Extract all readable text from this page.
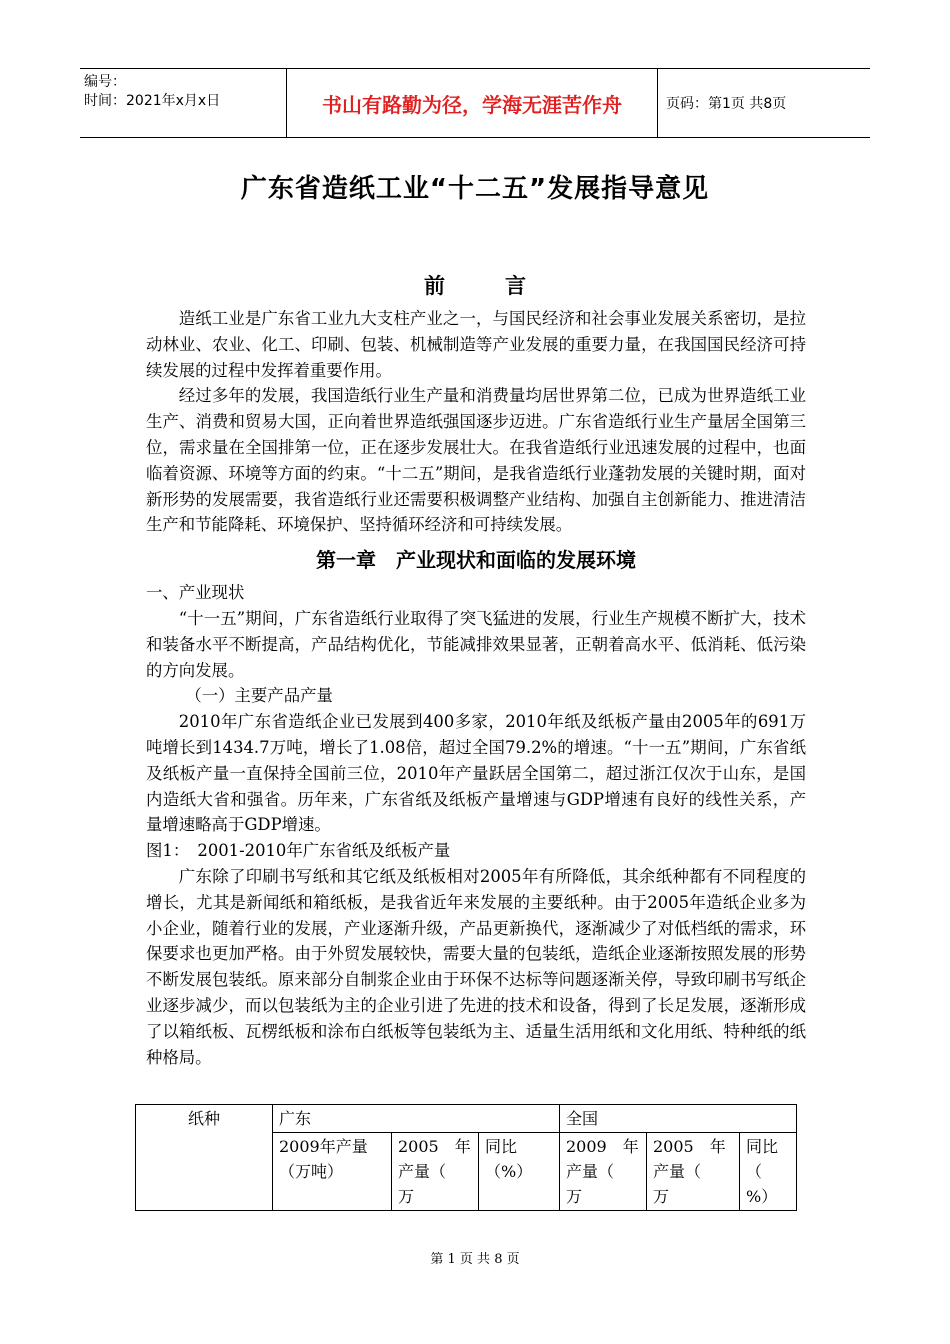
编号：
时间：2021年x月x日	书山有路勤为径，学海无涯苦作舟	页码：第1页 共8页
广东省造纸工业“十二五”发展指导意见
前言

造纸工业是广东省工业九大支柱产业之一，与国民经济和社会事业发展关系密切，是拉动林业、农业、化工、印刷、包装、机械制造等产业发展的重要力量，在我国国民经济可持续发展的过程中发挥着重要作用。

经过多年的发展，我国造纸行业生产量和消费量均居世界第二位，已成为世界造纸工业生产、消费和贸易大国，正向着世界造纸强国逐步迈进。广东省造纸行业生产量居全国第三位，需求量在全国排第一位，正在逐步发展壮大。在我省造纸行业迅速发展的过程中，也面临着资源、环境等方面的约束。“十二五”期间，是我省造纸行业蓬勃发展的关键时期，面对新形势的发展需要，我省造纸行业还需要积极调整产业结构、加强自主创新能力、推进清洁生产和节能降耗、环境保护、坚持循环经济和可持续发展。

第一章　产业现状和面临的发展环境

一、产业现状

“十一五”期间，广东省造纸行业取得了突飞猛进的发展，行业生产规模不断扩大，技术和装备水平不断提高，产品结构优化，节能减排效果显著，正朝着高水平、低消耗、低污染的方向发展。

（一）主要产品产量

2010年广东省造纸企业已发展到400多家，2010年纸及纸板产量由2005年的691万吨增长到1434.7万吨，增长了1.08倍，超过全国79.2%的增速。“十一五”期间，广东省纸及纸板产量一直保持全国前三位，2010年产量跃居全国第二，超过浙江仅次于山东，是国内造纸大省和强省。历年来，广东省纸及纸板产量增速与GDP增速有良好的线性关系，产量增速略高于GDP增速。

图1：　2001-2010年广东省纸及纸板产量

广东除了印刷书写纸和其它纸及纸板相对2005年有所降低，其余纸种都有不同程度的增长，尤其是新闻纸和箱纸板，是我省近年来发展的主要纸种。由于2005年造纸企业多为小企业，随着行业的发展，产业逐渐升级，产品更新换代，逐渐减少了对低档纸的需求，环保要求也更加严格。由于外贸发展较快，需要大量的包装纸，造纸企业逐渐按照发展的形势不断发展包装纸。原来部分自制浆企业由于环保不达标等问题逐渐关停，导致印刷书写纸企业逐步减少，而以包装纸为主的企业引进了先进的技术和设备，得到了长足发展，逐渐形成了以箱纸板、瓦楞纸板和涂布白纸板等包装纸为主、适量生活用纸和文化用纸、特种纸的纸种格局。

纸种	广东			全国		
	2009年产量（万吨）	2005　年产量（　　万	同比（%）	2009　年产量（　　万	2005　年产量（　　万	同比（　%）
第 1 页 共 8 页
